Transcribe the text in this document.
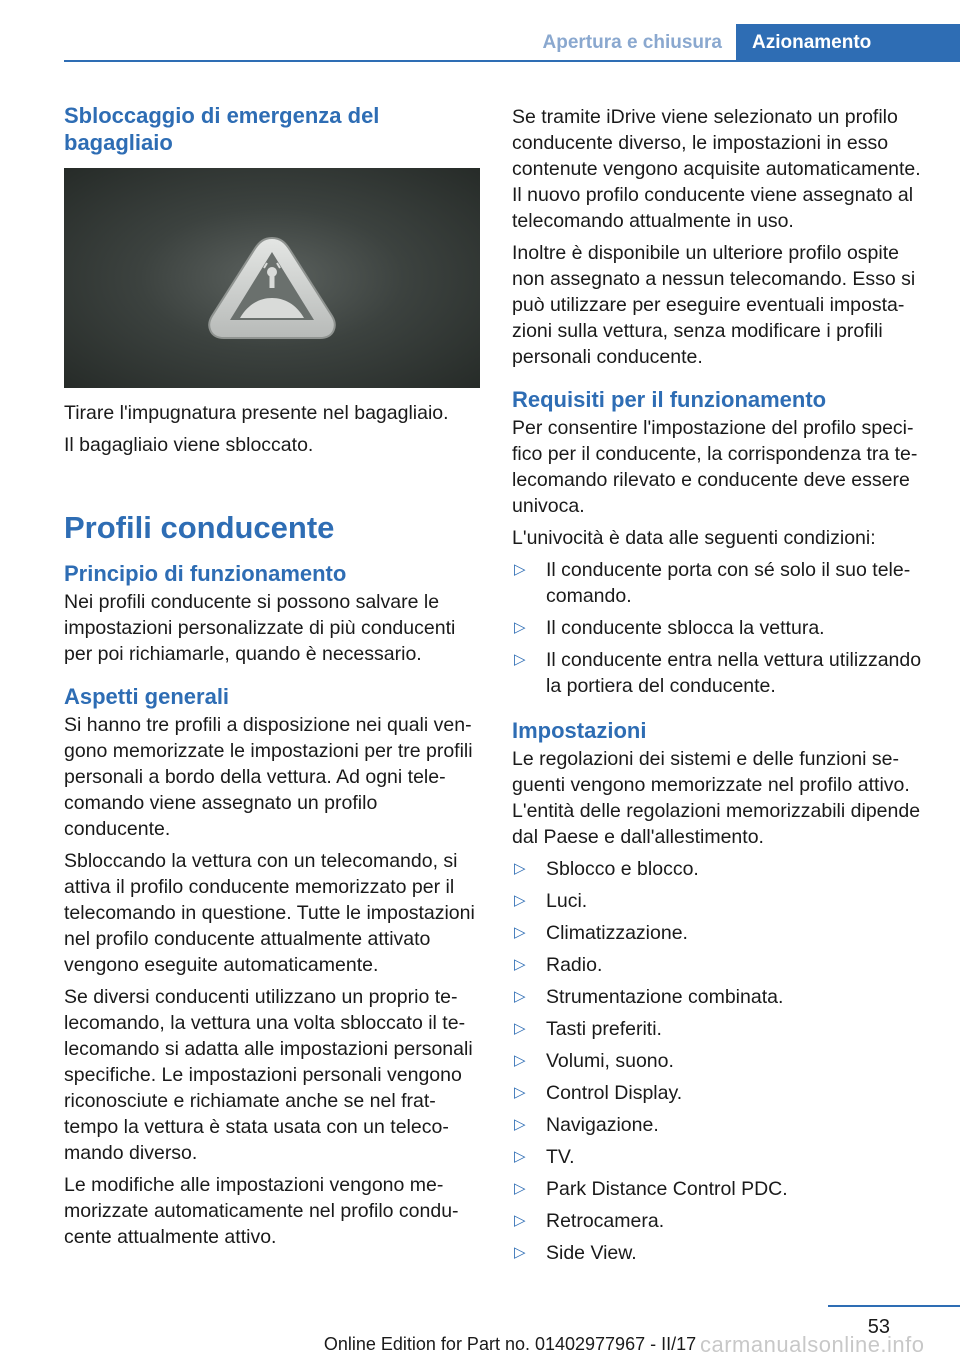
Apertura e chiusura	Azionamento
Sbloccaggio di emergenza del bagagliaio

Tirare l'impugnatura presente nel bagagliaio.

Il bagagliaio viene sbloccato.

Profili conducente
Principio di funzionamento

Nei profili conducente si possono salvare le impostazioni personalizzate di più conducenti per poi richiamarle, quando è necessario.

Aspetti generali

Si hanno tre profili a disposizione nei quali vengono memorizzate le impostazioni per tre profili personali a bordo della vettura. Ad ogni telecomando viene assegnato un profilo conducente.

Sbloccando la vettura con un telecomando, si attiva il profilo conducente memorizzato per il telecomando in questione. Tutte le impostazioni nel profilo conducente attualmente attivato vengono eseguite automaticamente.

Se diversi conducenti utilizzano un proprio telecomando, la vettura una volta sbloccato il telecomando si adatta alle impostazioni personali specifiche. Le impostazioni personali vengono riconosciute e richiamate anche se nel frattempo la vettura è stata usata con un telecomando diverso.

Le modifiche alle impostazioni vengono memorizzate automaticamente nel profilo conducente attualmente attivo.

Se tramite iDrive viene selezionato un profilo conducente diverso, le impostazioni in esso contenute vengono acquisite automaticamente. Il nuovo profilo conducente viene assegnato al telecomando attualmente in uso.

Inoltre è disponibile un ulteriore profilo ospite non assegnato a nessun telecomando. Esso si può utilizzare per eseguire eventuali impostazioni sulla vettura, senza modificare i profili personali conducente.

Requisiti per il funzionamento

Per consentire l'impostazione del profilo specifico per il conducente, la corrispondenza tra telecomando rilevato e conducente deve essere univoca.

L'univocità è data alle seguenti condizioni:

▷ Il conducente porta con sé solo il suo telecomando.
▷ Il conducente sblocca la vettura.
▷ Il conducente entra nella vettura utilizzando la portiera del conducente.
Impostazioni

Le regolazioni dei sistemi e delle funzioni seguenti vengono memorizzate nel profilo attivo. L'entità delle regolazioni memorizzabili dipende dal Paese e dall'allestimento.

▷ Sblocco e blocco.
▷ Luci.
▷ Climatizzazione.
▷ Radio.
▷ Strumentazione combinata.
▷ Tasti preferiti.
▷ Volumi, suono.
▷ Control Display.
▷ Navigazione.
▷ TV.
▷ Park Distance Control PDC.
▷ Retrocamera.
▷ Side View.
53
carmanualsonline.info
Online Edition for Part no. 01402977967 - II/17
